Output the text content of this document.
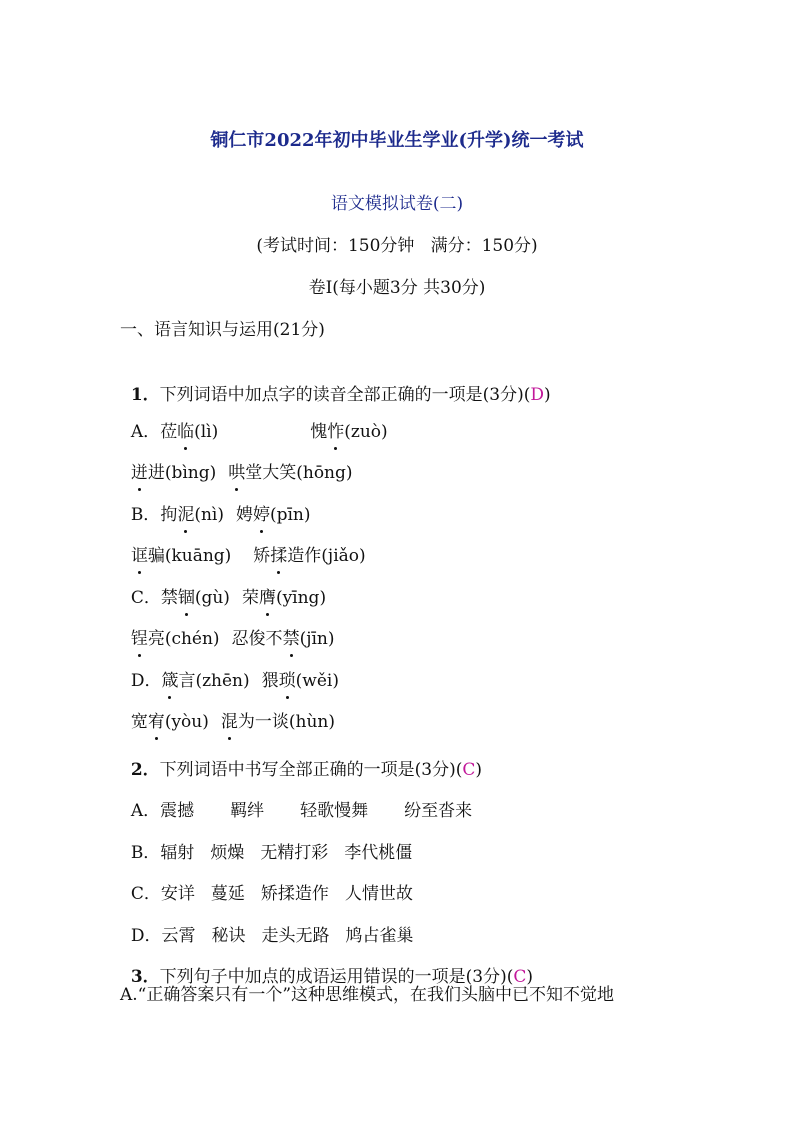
铜仁市2022年初中毕业生学业(升学)统一考试
语文模拟试卷(二)
(考试时间：150分钟   满分：150分)
卷Ⅰ(每小题3分 共30分)
一、语言知识与运用(21分)

1．下列词语中加点字的读音全部正确的一项是(3分)(D)

A．莅临(lì)	愧怍(zuò)

迸进(bìng) 哄堂大笑(hōng)

B．拘泥(nì) 娉婷(pīn)

诓骗(kuāng) 矫揉造作(jiǎo)

C．禁锢(gù) 荣膺(yīng)

锃亮(chén) 忍俊不禁(jīn)

D．箴言(zhēn) 猥琐(wěi)

宽宥(yòu) 混为一谈(hùn)

2．下列词语中书写全部正确的一项是(3分)(C)

A．震撼 羁绊 轻歌慢舞 纷至沓来

B．辐射 烦燥 无精打彩 李代桃僵

C．安详 蔓延 矫揉造作 人情世故

D．云霄 秘诀 走头无路 鸠占雀巢

3．下列句子中加点的成语运用错误的一项是(3分)(C)

A.“正确答案只有一个”这种思维模式，在我们头脑中已不知不觉地
